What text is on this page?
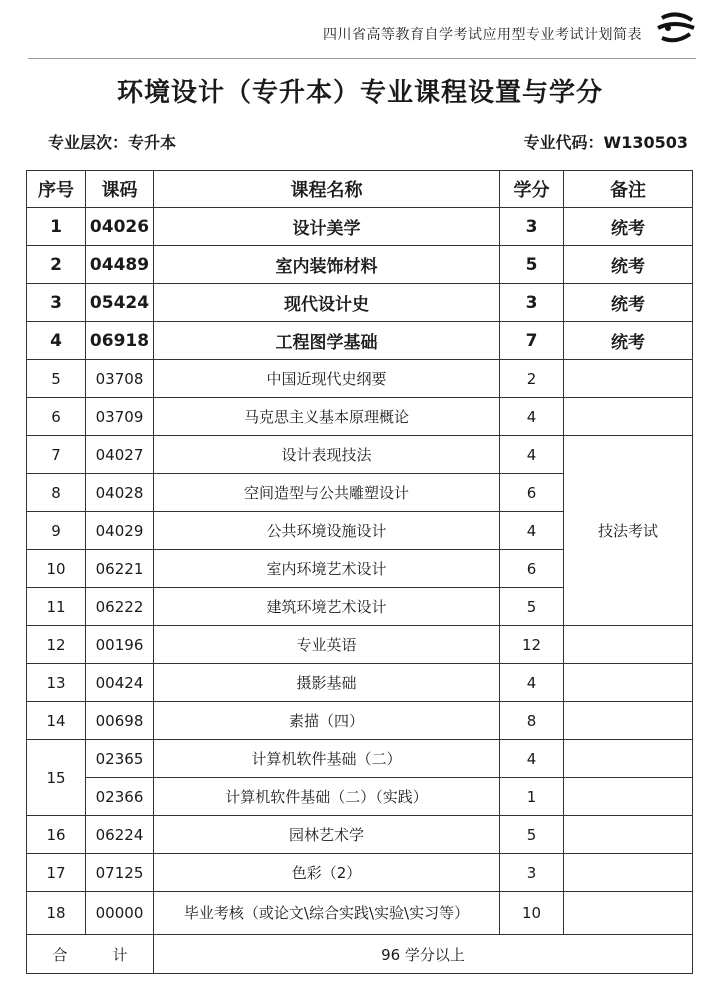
四川省高等教育自学考试应用型专业考试计划简表
环境设计（专升本）专业课程设置与学分
专业层次：专升本	专业代码：W130503
序号	课码	课程名称	学分	备注
1	04026	设计美学	3	统考
2	04489	室内装饰材料	5	统考
3	05424	现代设计史	3	统考
4	06918	工程图学基础	7	统考
5	03708	中国近现代史纲要	2	
6	03709	马克思主义基本原理概论	4	
7	04027	设计表现技法	4	技法考试
8	04028	空间造型与公共雕塑设计	6	
9	04029	公共环境设施设计	4	
10	06221	室内环境艺术设计	6	
11	06222	建筑环境艺术设计	5	
12	00196	专业英语	12	
13	00424	摄影基础	4	
14	00698	素描（四）	8	
15	02365	计算机软件基础（二）	4	
	02366	计算机软件基础（二）（实践）	1	
16	06224	园林艺术学	5	
17	07125	色彩（2）	3	
18	00000	毕业考核（或论文\综合实践\实验\实习等）	10	
合　　　计		96 学分以上		
